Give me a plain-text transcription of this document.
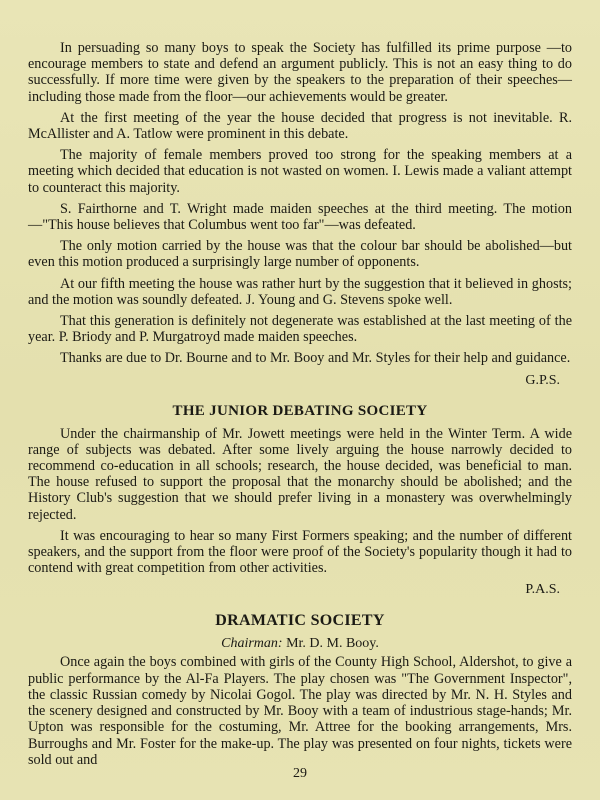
In persuading so many boys to speak the Society has fulfilled its prime purpose —to encourage members to state and defend an argument publicly. This is not an easy thing to do successfully. If more time were given by the speakers to the preparation of their speeches—including those made from the floor—our achievements would be greater.

At the first meeting of the year the house decided that progress is not inevitable. R. McAllister and A. Tatlow were prominent in this debate.

The majority of female members proved too strong for the speaking members at a meeting which decided that education is not wasted on women. I. Lewis made a valiant attempt to counteract this majority.

S. Fairthorne and T. Wright made maiden speeches at the third meeting. The motion—"This house believes that Columbus went too far"—was defeated.

The only motion carried by the house was that the colour bar should be abolished—but even this motion produced a surprisingly large number of opponents.

At our fifth meeting the house was rather hurt by the suggestion that it believed in ghosts; and the motion was soundly defeated. J. Young and G. Stevens spoke well.

That this generation is definitely not degenerate was established at the last meeting of the year. P. Briody and P. Murgatroyd made maiden speeches.

Thanks are due to Dr. Bourne and to Mr. Booy and Mr. Styles for their help and guidance.

G.P.S.
THE JUNIOR DEBATING SOCIETY

Under the chairmanship of Mr. Jowett meetings were held in the Winter Term. A wide range of subjects was debated. After some lively arguing the house narrowly decided to recommend co-education in all schools; research, the house decided, was beneficial to man. The house refused to support the proposal that the monarchy should be abolished; and the History Club's suggestion that we should prefer living in a monastery was overwhelmingly rejected.

It was encouraging to hear so many First Formers speaking; and the number of different speakers, and the support from the floor were proof of the Society's popularity though it had to contend with great competition from other activities.

P.A.S.
DRAMATIC SOCIETY
Chairman: Mr. D. M. Booy.

Once again the boys combined with girls of the County High School, Aldershot, to give a public performance by the Al-Fa Players. The play chosen was "The Government Inspector", the classic Russian comedy by Nicolai Gogol. The play was directed by Mr. N. H. Styles and the scenery designed and constructed by Mr. Booy with a team of industrious stage-hands; Mr. Upton was responsible for the costuming, Mr. Attree for the booking arrangements, Mrs. Burroughs and Mr. Foster for the make-up. The play was presented on four nights, tickets were sold out and

29
